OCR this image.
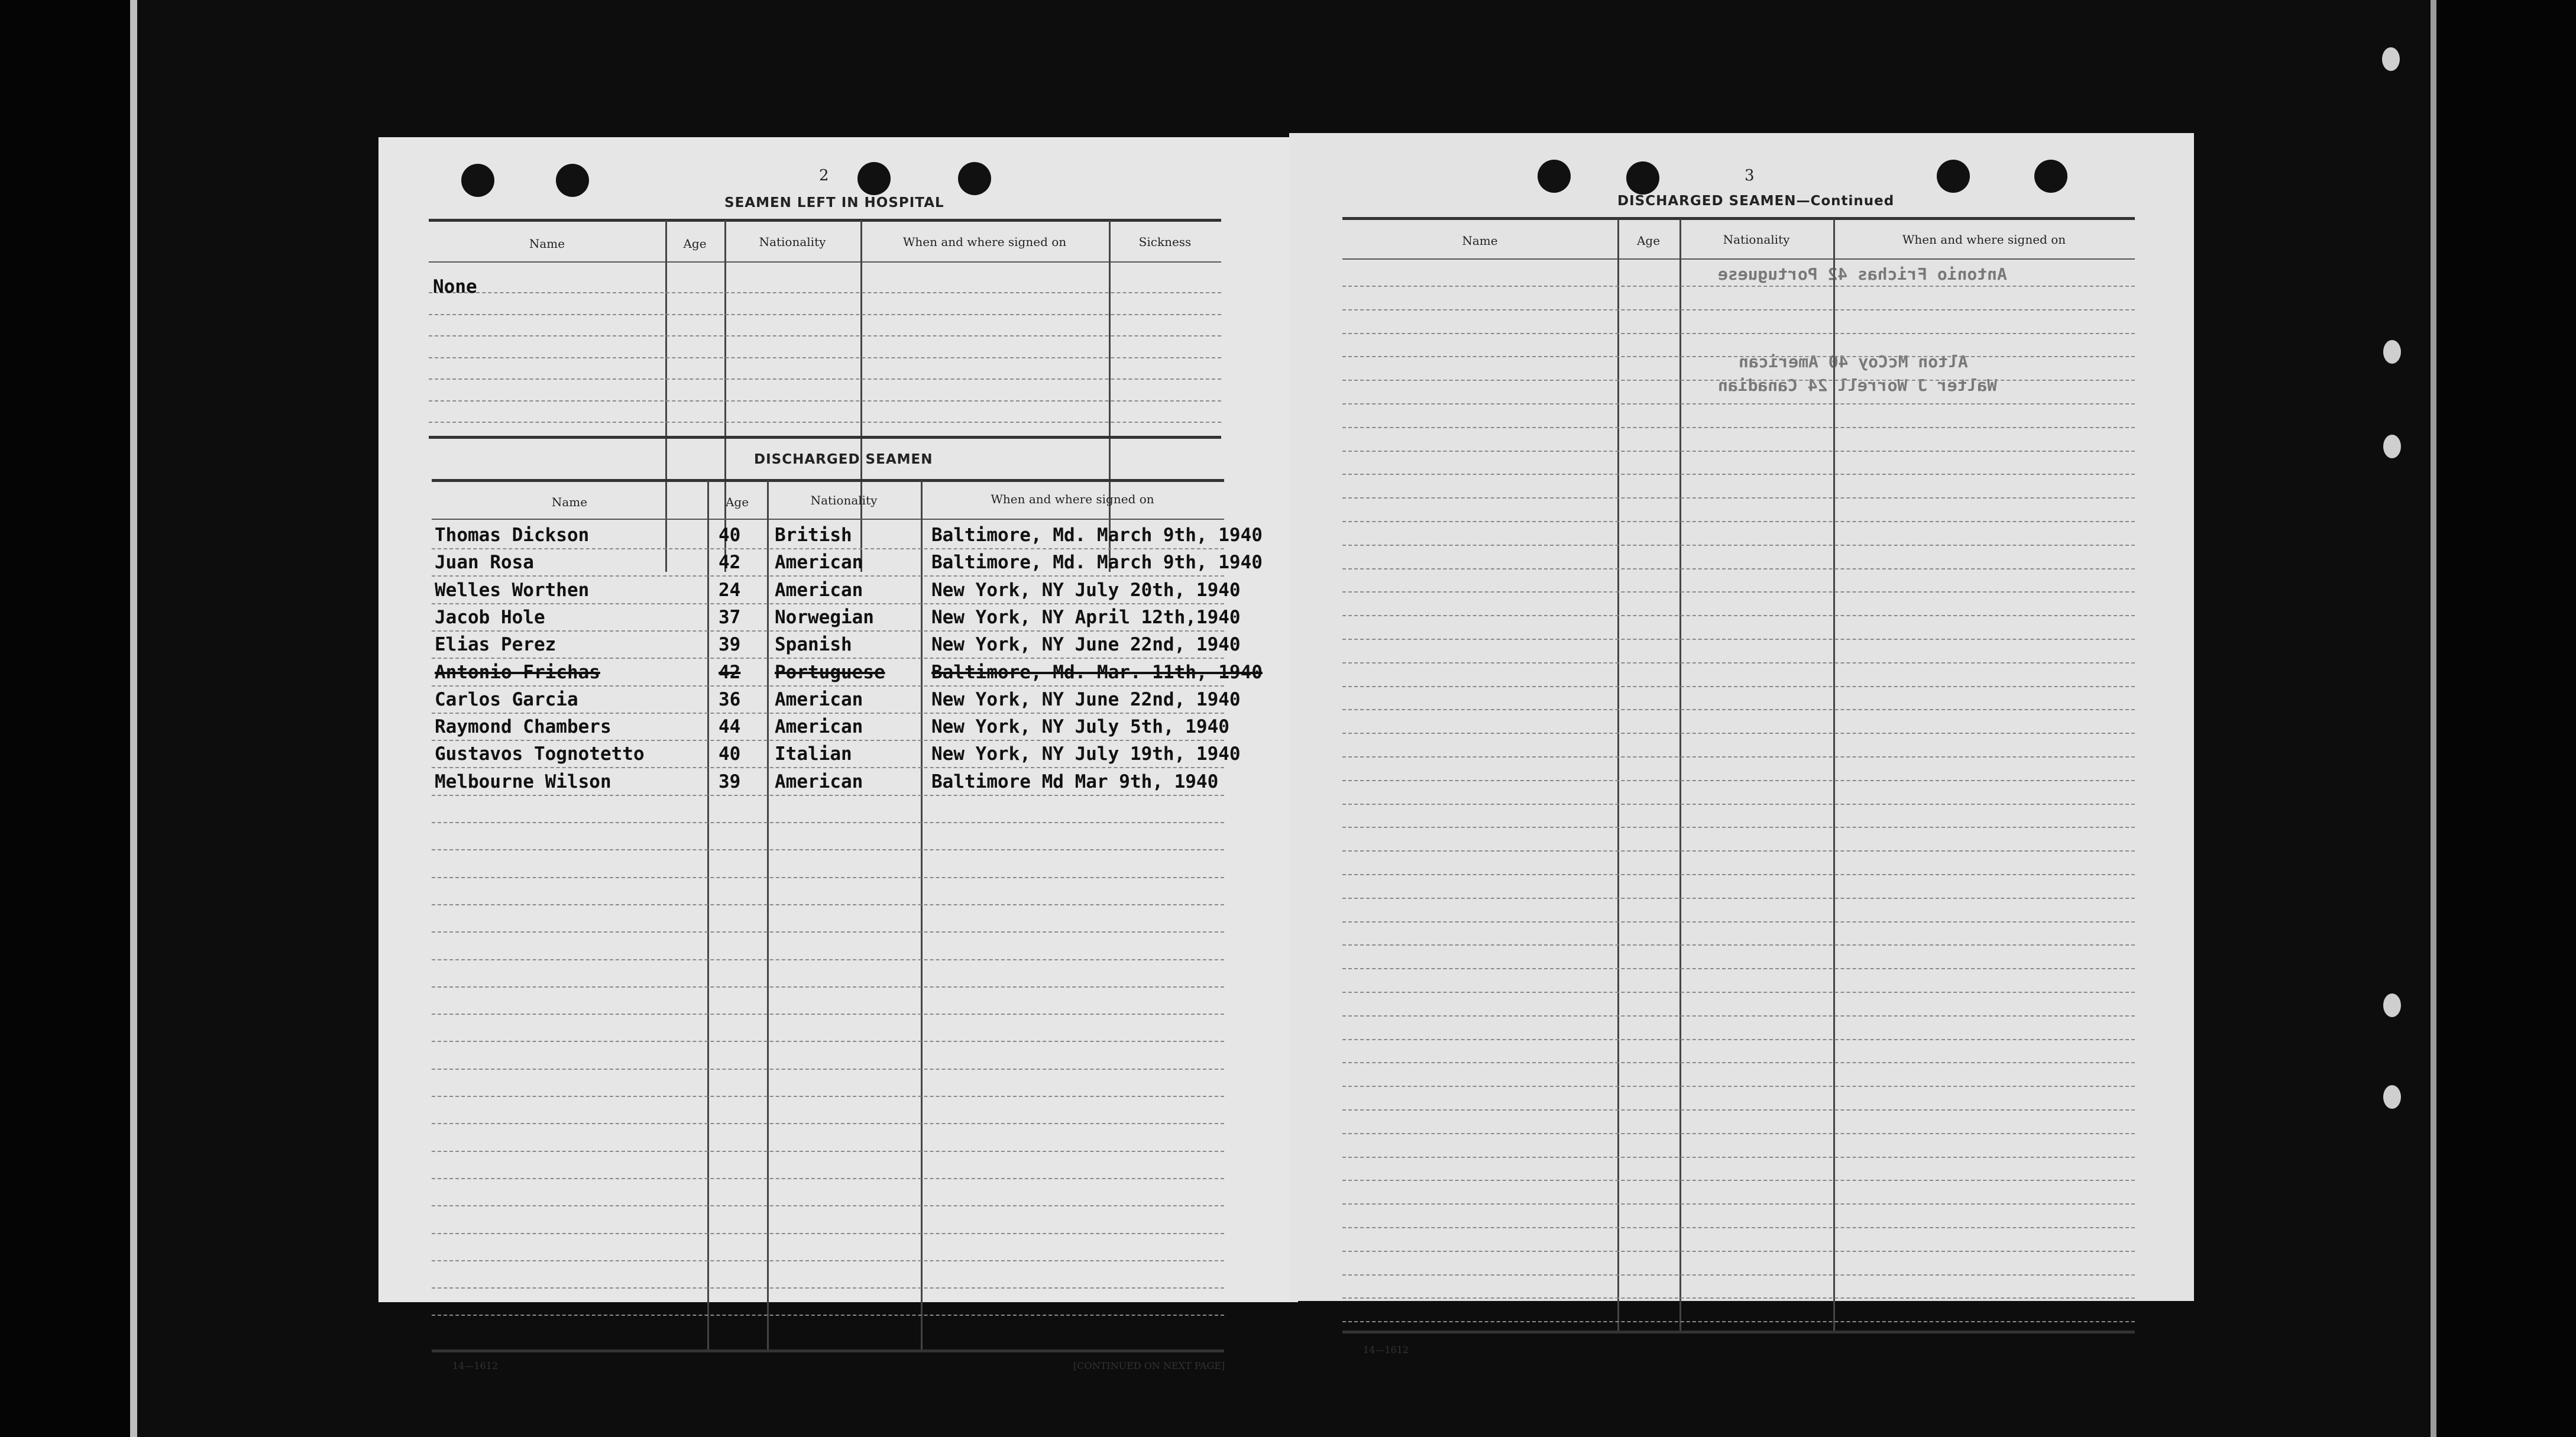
2
SEAMEN LEFT IN HOSPITAL
Name	Age	Nationality	When and where signed on	Sickness
None
DISCHARGED SEAMEN
Name	Age	Nationality	When and where signed on
Thomas Dickson	40 British	Baltimore, Md. March 9th, 1940
Juan Rosa	42 American	Baltimore, Md. March 9th, 1940
Welles Worthen	24 American	New York, NY July 20th, 1940
Jacob Hole	37 Norwegian	New York, NY April 12th,1940
Elias Perez	39 Spanish	New York, NY June 22nd, 1940
Antonio Frichas	42 Portuguese	Baltimore, Md. Mar. 11th, 1940
Carlos Garcia	36 American	New York, NY June 22nd, 1940
Raymond Chambers	44 American	New York, NY July 5th, 1940
Gustavos Tognotetto	40 Italian	New York, NY July 19th, 1940
Melbourne Wilson	39 American	Baltimore Md Mar 9th, 1940
14—1612	[CONTINUED ON NEXT PAGE]
3
DISCHARGED SEAMEN—Continued
Name	Age	Nationality	When and where signed on
Antonio Frichas 42 Portuguese
Alton McCoy 40 American
Walter J Worrell 24 Canadian
14—1612
